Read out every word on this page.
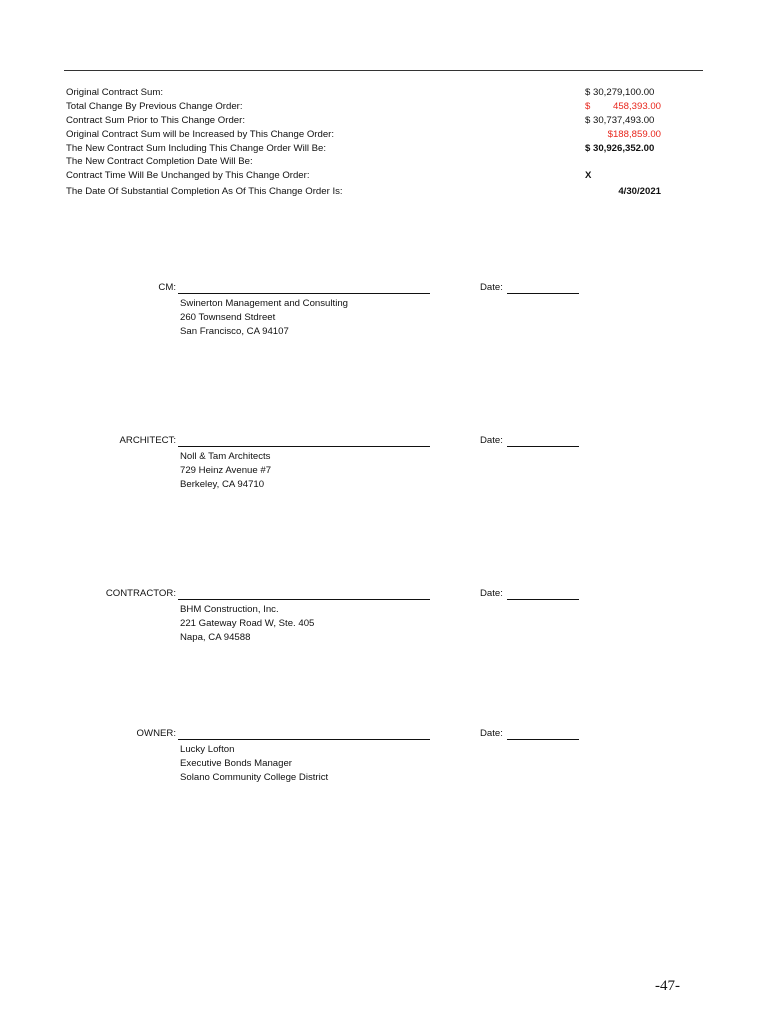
Original Contract Sum:	$ 30,279,100.00
Total Change By Previous Change Order:	$ 458,393.00
Contract Sum Prior to This Change Order:	$ 30,737,493.00
Original Contract Sum will be Increased by This Change Order:	$188,859.00
The New Contract Sum Including This Change Order Will Be:	$ 30,926,352.00
The New Contract Completion Date Will Be:
Contract Time Will Be Unchanged by This Change Order:	X
The Date Of Substantial Completion As Of This Change Order Is:	4/30/2021
CM:
Swinerton Management and Consulting
260 Townsend Stdreet
San Francisco, CA 94107
Date:
ARCHITECT:
Noll & Tam Architects
729 Heinz Avenue #7
Berkeley, CA 94710
Date:
CONTRACTOR:
BHM Construction, Inc.
221 Gateway Road W, Ste. 405
Napa, CA 94588
Date:
OWNER:
Lucky Lofton
Executive Bonds Manager
Solano Community College District
Date:
-47-
